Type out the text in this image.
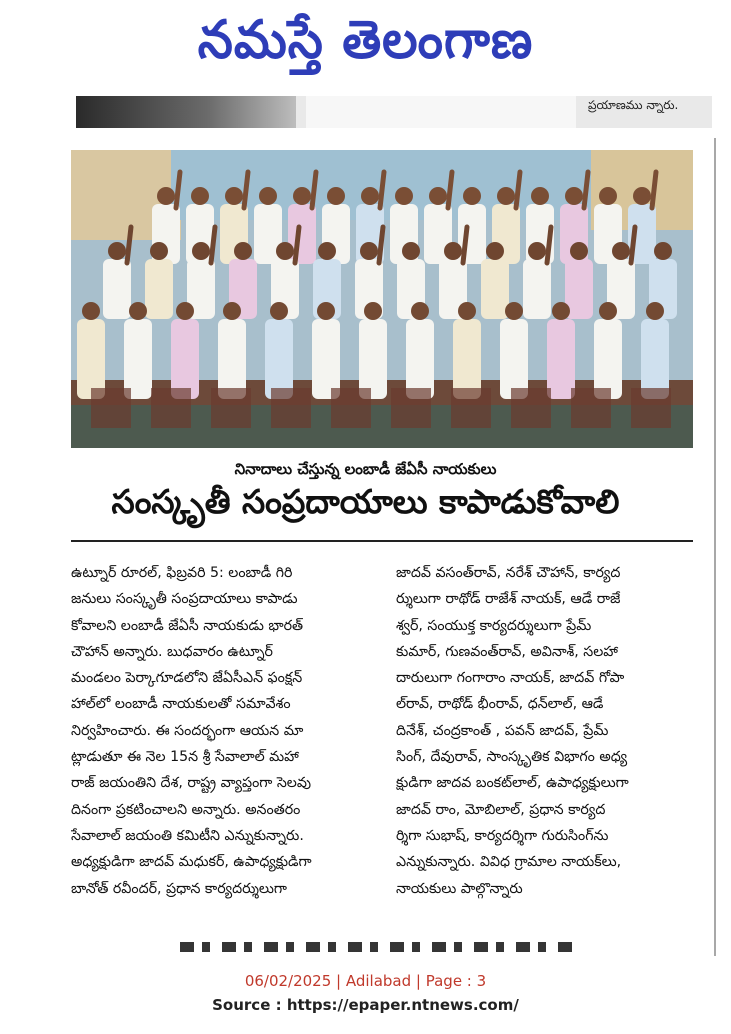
నమస్తే తెలంగాణ
ప్రయాణము న్నారు.
నినాదాలు చేస్తున్న లంబాడీ జేఏసీ నాయకులు
సంస్కృతీ సంప్రదాయాలు కాపాడుకోవాలి
ఉట్నూర్ రూరల్, ఫిబ్రవరి 5: లంబాడీ గిరి
జనులు సంస్కృతీ సంప్రదాయాలు కాపాడు
కోవాలని లంబాడీ జేఏసీ నాయకుడు భారత్
చౌహాన్ అన్నారు. బుధవారం ఉట్నూర్
మండలం పెర్కాగూడలోని జేఏసీఎన్ ఫంక్షన్
హాల్‌లో లంబాడీ నాయకులతో సమావేశం
నిర్వహించారు. ఈ సందర్భంగా ఆయన మా
ట్లాడుతూ ఈ నెల 15న శ్రీ సేవాలాల్ మహా
రాజ్ జయంతిని దేశ, రాష్ట్ర వ్యాప్తంగా సెలవు
దినంగా ప్రకటించాలని అన్నారు. అనంతరం
సేవాలాల్ జయంతి కమిటీని ఎన్నుకున్నారు.
అధ్యక్షుడిగా జాదవ్ మధుకర్, ఉపాధ్యక్షుడిగా
బానోత్ రవీందర్, ప్రధాన కార్యదర్శులుగా
జాదవ్ వసంత్‌రావ్, నరేశ్ చౌహాన్, కార్యద
ర్శులుగా రాథోడ్ రాజేశ్ నాయక్, ఆడే రాజే
శ్వర్, సంయుక్త కార్యదర్శులుగా ప్రేమ్
కుమార్, గుణవంత్‌రావ్, అవినాశ్, సలహా
దారులుగా గంగారాం నాయక్, జాదవ్ గోపా
ల్‌రావ్, రాథోడ్ భీంరావ్, ధన్‌లాల్, ఆడే
దినేశ్, చంద్రకాంత్ , పవన్ జాదవ్, ప్రేమ్
సింగ్, దేవురావ్, సాంస్కృతిక విభాగం అధ్య
క్షుడిగా జాదవ బంకట్‌లాల్, ఉపాధ్యక్షులుగా
జాదవ్ రాం, మోబిలాల్, ప్రధాన కార్యద
ర్శిగా సుభాష్, కార్యదర్శిగా గురుసింగ్‌ను
ఎన్నుకున్నారు. వివిధ గ్రామాల నాయక్‌లు,
నాయకులు పాల్గొన్నారు
06/02/2025 | Adilabad | Page : 3
Source : https://epaper.ntnews.com/
